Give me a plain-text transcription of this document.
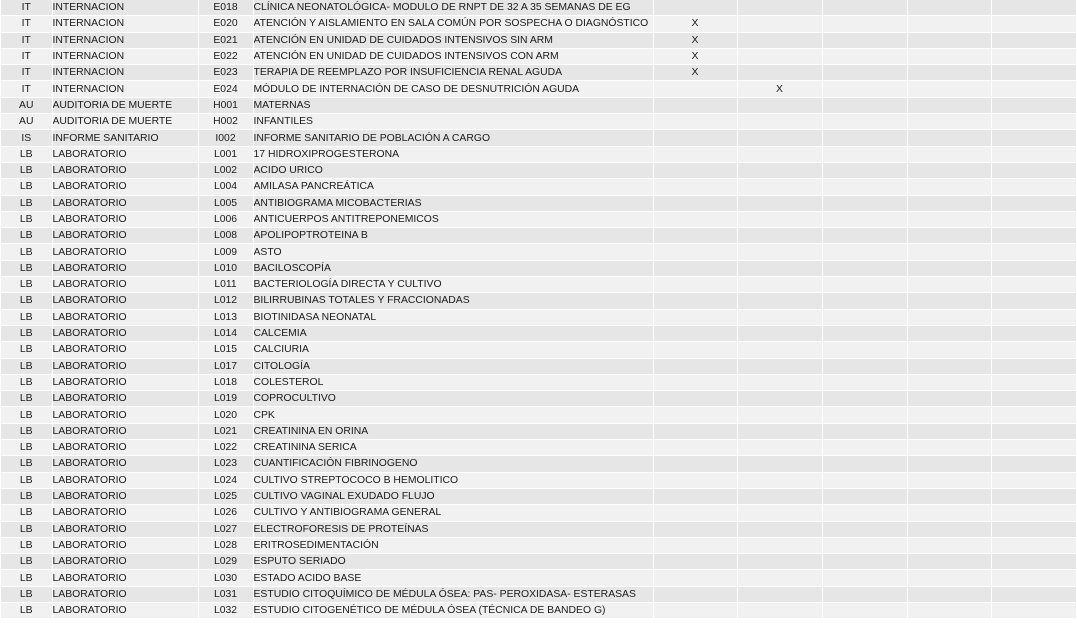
IT	INTERNACION	E018	CLÍNICA NEONATOLÓGICA- MODULO DE RNPT DE 32 A 35 SEMANAS DE EG					
IT	INTERNACION	E020	ATENCIÓN Y AISLAMIENTO EN SALA COMÚN POR SOSPECHA O DIAGNÓSTICO	X				
IT	INTERNACION	E021	ATENCIÓN EN UNIDAD DE CUIDADOS INTENSIVOS SIN ARM	X				
IT	INTERNACION	E022	ATENCIÓN EN UNIDAD DE CUIDADOS INTENSIVOS CON ARM	X				
IT	INTERNACION	E023	TERAPIA DE REEMPLAZO POR INSUFICIENCIA RENAL AGUDA	X				
IT	INTERNACION	E024	MÓDULO DE INTERNACIÓN DE CASO DE DESNUTRICIÓN AGUDA		X			
AU	AUDITORIA DE MUERTE	H001	MATERNAS					
AU	AUDITORIA DE MUERTE	H002	INFANTILES					
IS	INFORME SANITARIO	I002	INFORME SANITARIO DE POBLACIÓN A CARGO					
LB	LABORATORIO	L001	17 HIDROXIPROGESTERONA					
LB	LABORATORIO	L002	ACIDO URICO					
LB	LABORATORIO	L004	AMILASA PANCREÁTICA					
LB	LABORATORIO	L005	ANTIBIOGRAMA MICOBACTERIAS					
LB	LABORATORIO	L006	ANTICUERPOS ANTITREPONEMICOS					
LB	LABORATORIO	L008	APOLIPOPTROTEINA B					
LB	LABORATORIO	L009	ASTO					
LB	LABORATORIO	L010	BACILOSCOPÍA					
LB	LABORATORIO	L011	BACTERIOLOGÍA DIRECTA Y CULTIVO					
LB	LABORATORIO	L012	BILIRRUBINAS TOTALES Y FRACCIONADAS					
LB	LABORATORIO	L013	BIOTINIDASA NEONATAL					
LB	LABORATORIO	L014	CALCEMIA					
LB	LABORATORIO	L015	CALCIURIA					
LB	LABORATORIO	L017	CITOLOGÍA					
LB	LABORATORIO	L018	COLESTEROL					
LB	LABORATORIO	L019	COPROCULTIVO					
LB	LABORATORIO	L020	CPK					
LB	LABORATORIO	L021	CREATININA EN ORINA					
LB	LABORATORIO	L022	CREATININA SERICA					
LB	LABORATORIO	L023	CUANTIFICACIÓN FIBRINOGENO					
LB	LABORATORIO	L024	CULTIVO STREPTOCOCO B HEMOLITICO					
LB	LABORATORIO	L025	CULTIVO VAGINAL EXUDADO FLUJO					
LB	LABORATORIO	L026	CULTIVO Y ANTIBIOGRAMA GENERAL					
LB	LABORATORIO	L027	ELECTROFORESIS DE PROTEÍNAS					
LB	LABORATORIO	L028	ERITROSEDIMENTACIÓN					
LB	LABORATORIO	L029	ESPUTO SERIADO					
LB	LABORATORIO	L030	ESTADO ACIDO BASE					
LB	LABORATORIO	L031	ESTUDIO CITOQUÍMICO DE MÉDULA ÓSEA: PAS- PEROXIDASA- ESTERASAS					
LB	LABORATORIO	L032	ESTUDIO CITOGENÉTICO DE MÉDULA ÓSEA (TÉCNICA DE BANDEO G)					
